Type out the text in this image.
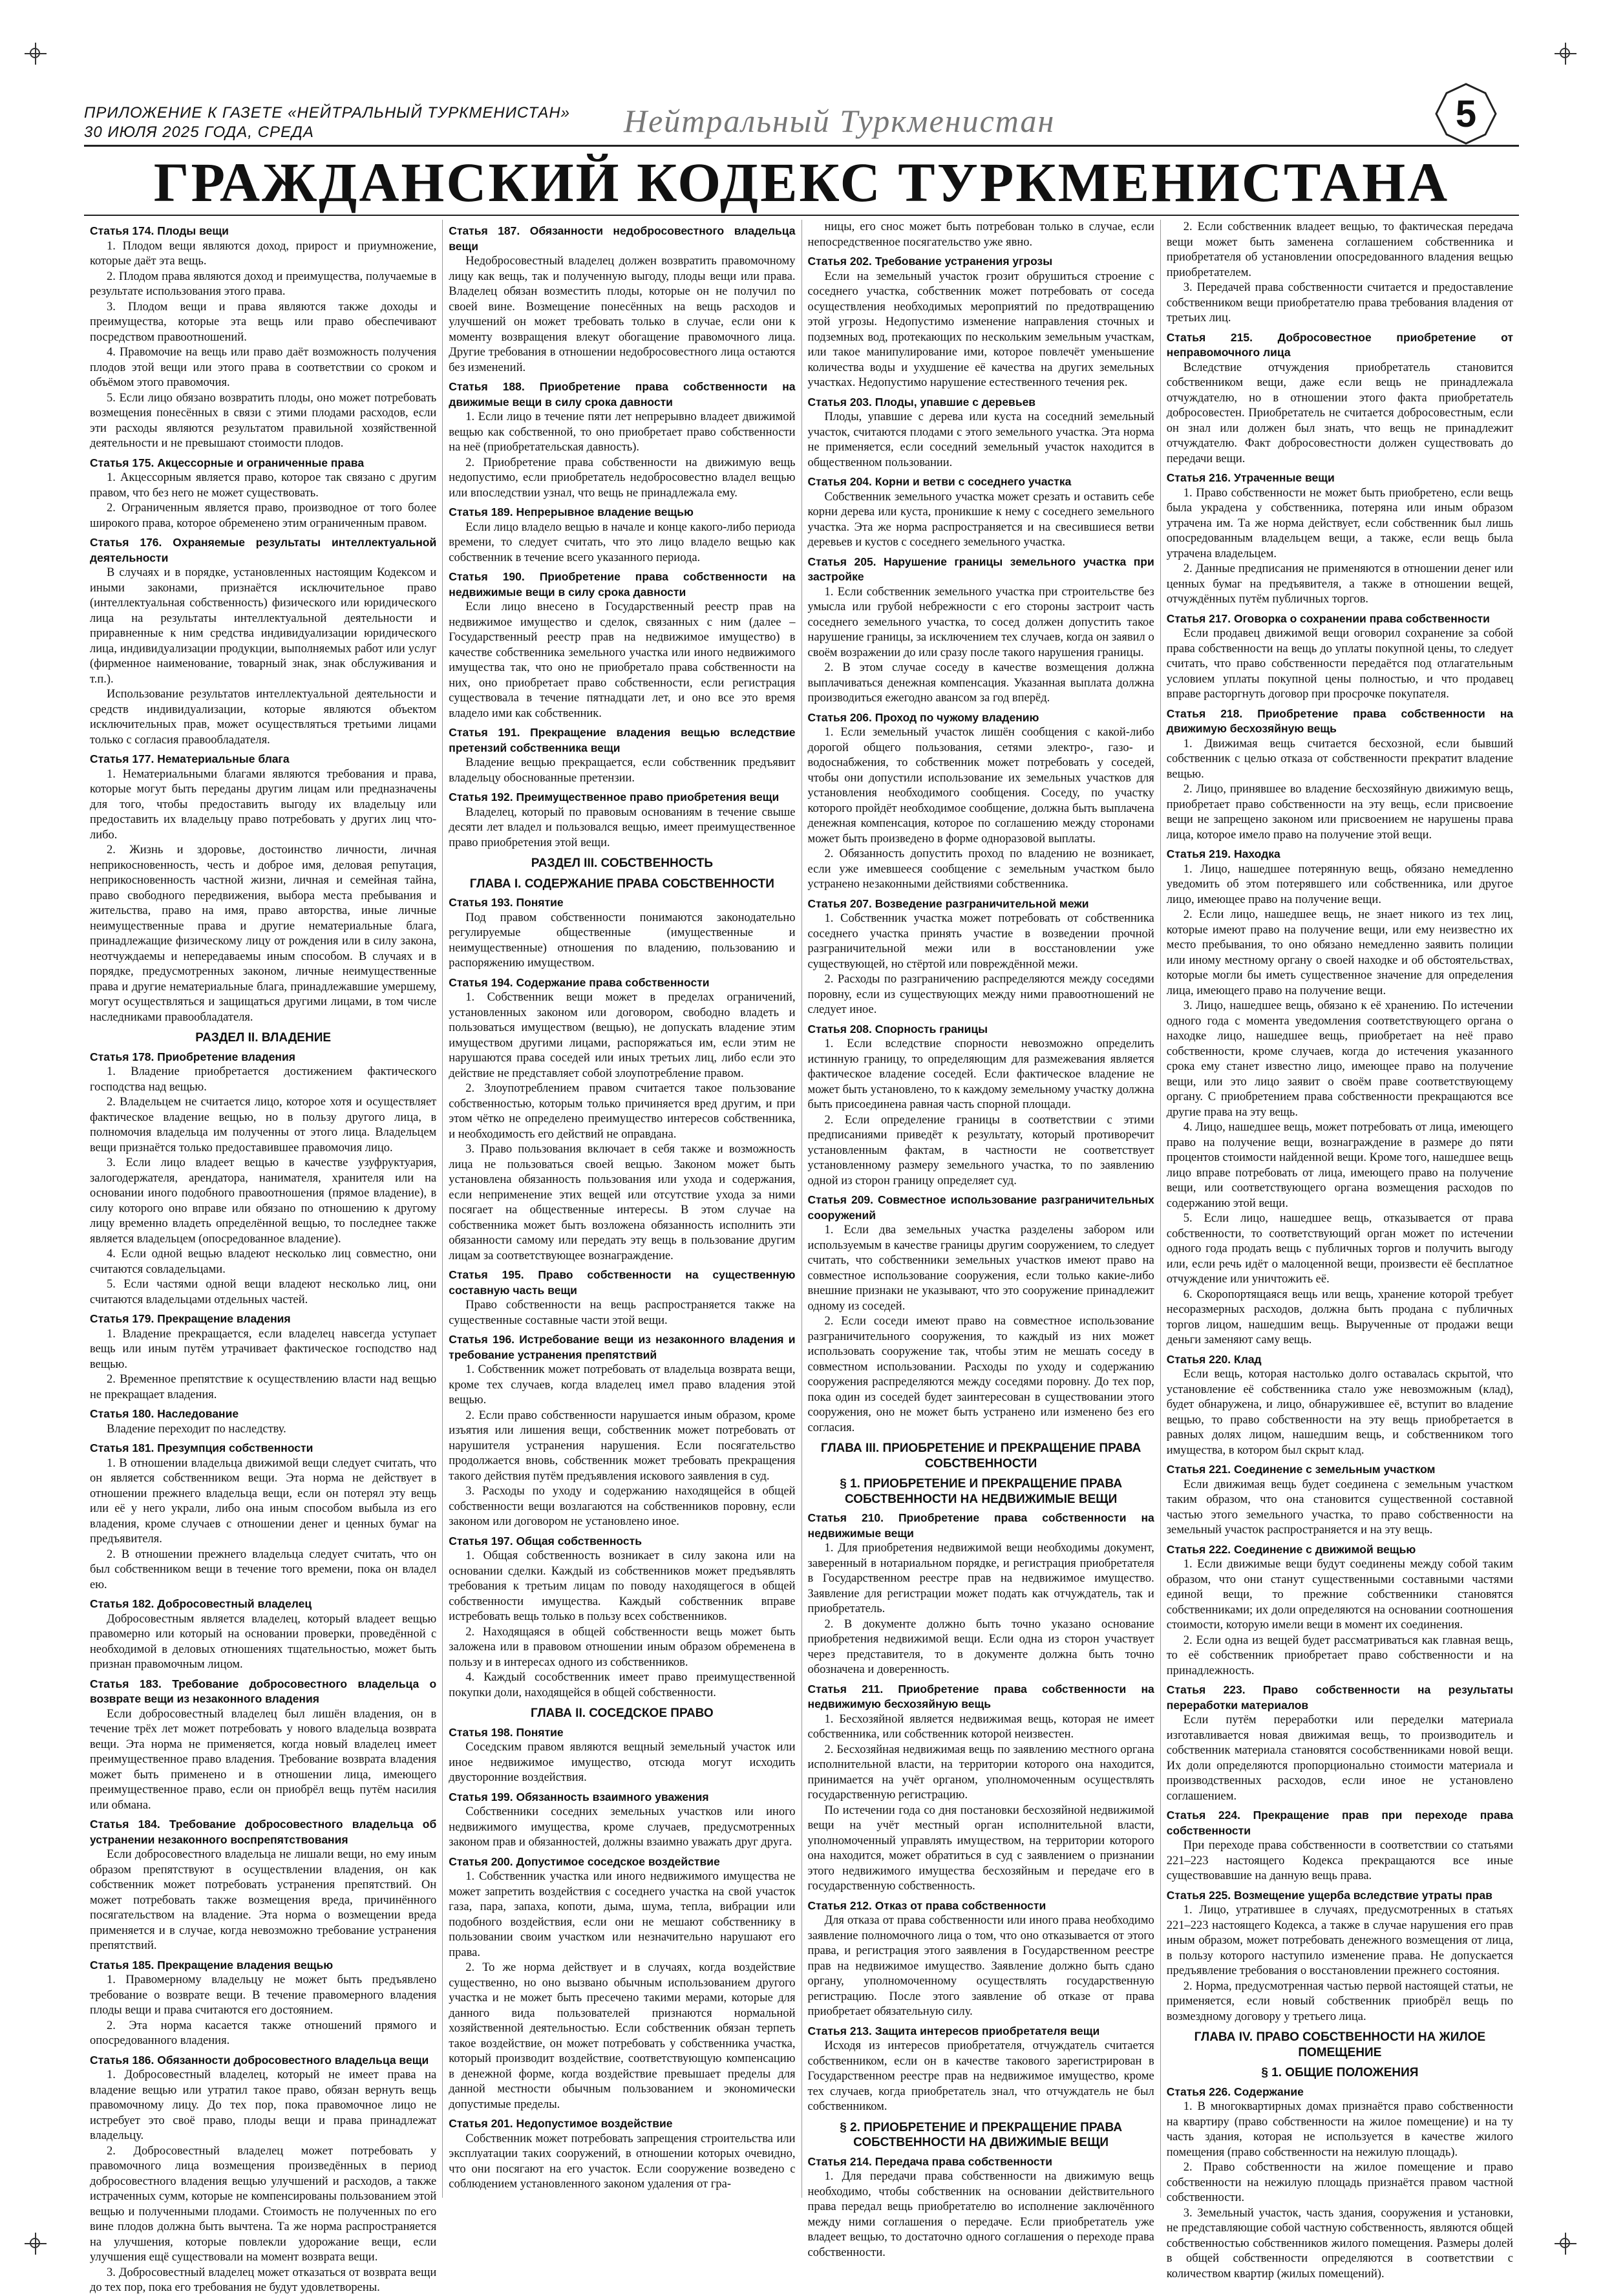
ПРИЛОЖЕНИЕ К ГАЗЕТЕ «НЕЙТРАЛЬНЫЙ ТУРКМЕНИСТАН»
30 ИЮЛЯ 2025 ГОДА, СРЕДА	Нейтральный Туркменистан	5
ГРАЖДАНСКИЙ КОДЕКС ТУРКМЕНИСТАНА

Статья 174. Плоды вещи

1. Плодом вещи являются доход, прирост и приумножение, которые даёт эта вещь.

2. Плодом права являются доход и преимущества, получаемые в результате использования этого права.

3. Плодом вещи и права являются также доходы и преимущества, которые эта вещь или право обеспечивают посредством правоотношений.

4. Правомочие на вещь или право даёт возможность получения плодов этой вещи или этого права в соответствии со сроком и объёмом этого правомочия.

5. Если лицо обязано возвратить плоды, оно может потребовать возмещения понесённых в связи с этими плодами расходов, если эти расходы являются результатом правильной хозяйственной деятельности и не превышают стоимости плодов.

Статья 175. Акцессорные и ограниченные права

1. Акцессорным является право, которое так связано с другим правом, что без него не может существовать.

2. Ограниченным является право, производное от того более широкого права, которое обременено этим ограниченным правом.

Статья 176. Охраняемые результаты интеллектуальной деятельности

В случаях и в порядке, установленных настоящим Кодексом и иными законами, признаётся исключительное право (интеллектуальная собственность) физического или юридического лица на результаты интеллектуальной деятельности и приравненные к ним средства индивидуализации юридического лица, индивидуализации продукции, выполняемых работ или услуг (фирменное наименование, товарный знак, знак обслуживания и т.п.).

Использование результатов интеллектуальной деятельности и средств индивидуализации, которые являются объектом исключительных прав, может осуществляться третьими лицами только с согласия правообладателя.

Статья 177. Нематериальные блага

1. Нематериальными благами являются требования и права, которые могут быть переданы другим лицам или предназначены для того, чтобы предоставить выгоду их владельцу или предоставить их владельцу право потребовать у других лиц что-либо.

2. Жизнь и здоровье, достоинство личности, личная неприкосновенность, честь и доброе имя, деловая репутация, неприкосновенность частной жизни, личная и семейная тайна, право свободного передвижения, выбора места пребывания и жительства, право на имя, право авторства, иные личные неимущественные права и другие нематериальные блага, принадлежащие физическому лицу от рождения или в силу закона, неотчуждаемы и непередаваемы иным способом. В случаях и в порядке, предусмотренных законом, личные неимущественные права и другие нематериальные блага, принадлежавшие умершему, могут осуществляться и защищаться другими лицами, в том числе наследниками правообладателя.

РАЗДЕЛ II. ВЛАДЕНИЕ

Статья 178. Приобретение владения

1. Владение приобретается достижением фактического господства над вещью.

2. Владельцем не считается лицо, которое хотя и осуществляет фактическое владение вещью, но в пользу другого лица, в полномочия владельца им полученны от этого лица. Владельцем вещи признаётся только предоставившее правомочия лицо.

3. Если лицо владеет вещью в качестве узуфруктуария, залогодержателя, арендатора, нанимателя, хранителя или на основании иного подобного правоотношения (прямое владение), в силу которого оно вправе или обязано по отношению к другому лицу временно владеть определённой вещью, то последнее также является владельцем (опосредованное владение).

4. Если одной вещью владеют несколько лиц совместно, они считаются совладельцами.

5. Если частями одной вещи владеют несколько лиц, они считаются владельцами отдельных частей.

Статья 179. Прекращение владения

1. Владение прекращается, если владелец навсегда уступает вещь или иным путём утрачивает фактическое господство над вещью.

2. Временное препятствие к осуществлению власти над вещью не прекращает владения.

Статья 180. Наследование

Владение переходит по наследству.

Статья 181. Презумпция собственности

1. В отношении владельца движимой вещи следует считать, что он является собственником вещи. Эта норма не действует в отношении прежнего владельца вещи, если он потерял эту вещь или её у него украли, либо она иным способом выбыла из его владения, кроме случаев с отношении денег и ценных бумаг на предъявителя.

2. В отношении прежнего владельца следует считать, что он был собственником вещи в течение того времени, пока он владел ею.

Статья 182. Добросовестный владелец

Добросовестным является владелец, который владеет вещью правомерно или который на основании проверки, проведённой с необходимой в деловых отношениях тщательностью, может быть признан правомочным лицом.

Статья 183. Требование добросовестного владельца о возврате вещи из незаконного владения

Если добросовестный владелец был лишён владения, он в течение трёх лет может потребовать у нового владельца возврата вещи. Эта норма не применяется, когда новый владелец имеет преимущественное право владения. Требование возврата владения может быть применено и в отношении лица, имеющего преимущественное право, если он приобрёл вещь путём насилия или обмана.

Статья 184. Требование добросовестного владельца об устранении незаконного воспрепятствования

Если добросовестного владельца не лишали вещи, но ему иным образом препятствуют в осуществлении владения, он как собственник может потребовать устранения препятствий. Он может потребовать также возмещения вреда, причинённого посягательством на владение. Эта норма о возмещении вреда применяется и в случае, когда невозможно требование устранения препятствий.

Статья 185. Прекращение владения вещью

1. Правомерному владельцу не может быть предъявлено требование о возврате вещи. В течение правомерного владения плоды вещи и права считаются его достоянием.

2. Эта норма касается также отношений прямого и опосредованного владения.

Статья 186. Обязанности добросовестного владельца вещи

1. Добросовестный владелец, который не имеет права на владение вещью или утратил такое право, обязан вернуть вещь правомочному лицу. До тех пор, пока правомочное лицо не истребует это своё право, плоды вещи и права принадлежат владельцу.

2. Добросовестный владелец может потребовать у правомочного лица возмещения произведённых в период добросовестного владения вещью улучшений и расходов, а также истраченных сумм, которые не компенсированы пользованием этой вещью и полученными плодами. Стоимость не полученных по его вине плодов должна быть вычтена. Та же норма распространяется на улучшения, которые повлекли удорожание вещи, если улучшения ещё существовали на момент возврата вещи.

3. Добросовестный владелец может отказаться от возврата вещи до тех пор, пока его требования не будут удовлетворены.

Статья 187. Обязанности недобросовестного владельца вещи

Недобросовестный владелец должен возвратить правомочному лицу как вещь, так и полученную выгоду, плоды вещи или права. Владелец обязан возместить плоды, которые он не получил по своей вине. Возмещение понесённых на вещь расходов и улучшений он может требовать только в случае, если они к моменту возвращения влекут обогащение правомочного лица. Другие требования в отношении недобросовестного лица остаются без изменений.

Статья 188. Приобретение права собственности на движимые вещи в силу срока давности

1. Если лицо в течение пяти лет непрерывно владеет движимой вещью как собственной, то оно приобретает право собственности на неё (приобретательская давность).

2. Приобретение права собственности на движимую вещь недопустимо, если приобретатель недобросовестно владел вещью или впоследствии узнал, что вещь не принадлежала ему.

Статья 189. Непрерывное владение вещью

Если лицо владело вещью в начале и конце какого-либо периода времени, то следует считать, что это лицо владело вещью как собственник в течение всего указанного периода.

Статья 190. Приобретение права собственности на недвижимые вещи в силу срока давности

Если лицо внесено в Государственный реестр прав на недвижимое имущество и сделок, связанных с ним (далее – Государственный реестр прав на недвижимое имущество) в качестве собственника земельного участка или иного недвижимого имущества так, что оно не приобретало права собственности на них, оно приобретает право собственности, если регистрация существовала в течение пятнадцати лет, и оно все это время владело ими как собственник.

Статья 191. Прекращение владения вещью вследствие претензий собственника вещи

Владение вещью прекращается, если собственник предъявит владельцу обоснованные претензии.

Статья 192. Преимущественное право приобретения вещи

Владелец, который по правовым основаниям в течение свыше десяти лет владел и пользовался вещью, имеет преимущественное право приобретения этой вещи.

РАЗДЕЛ III. СОБСТВЕННОСТЬ

ГЛАВА I. СОДЕРЖАНИЕ ПРАВА СОБСТВЕННОСТИ

Статья 193. Понятие

Под правом собственности понимаются законодательно регулируемые общественные (имущественные и неимущественные) отношения по владению, пользованию и распоряжению имуществом.

Статья 194. Содержание права собственности

1. Собственник вещи может в пределах ограничений, установленных законом или договором, свободно владеть и пользоваться имуществом (вещью), не допускать владение этим имуществом другими лицами, распоряжаться им, если этим не нарушаются права соседей или иных третьих лиц, либо если это действие не представляет собой злоупотребление правом.

2. Злоупотреблением правом считается такое пользование собственностью, которым только причиняется вред другим, и при этом чётко не определено преимущество интересов собственника, и необходимость его действий не оправдана.

3. Право пользования включает в себя также и возможность лица не пользоваться своей вещью. Законом может быть установлена обязанность пользования или ухода и содержания, если неприменение этих вещей или отсутствие ухода за ними посягает на общественные интересы. В этом случае на собственника может быть возложена обязанность исполнить эти обязанности самому или передать эту вещь в пользование другим лицам за соответствующее вознаграждение.

Статья 195. Право собственности на существенную составную часть вещи

Право собственности на вещь распространяется также на существенные составные части этой вещи.

Статья 196. Истребование вещи из незаконного владения и требование устранения препятствий

1. Собственник может потребовать от владельца возврата вещи, кроме тех случаев, когда владелец имел право владения этой вещью.

2. Если право собственности нарушается иным образом, кроме изъятия или лишения вещи, собственник может потребовать от нарушителя устранения нарушения. Если посягательство продолжается вновь, собственник может требовать прекращения такого действия путём предъявления искового заявления в суд.

3. Расходы по уходу и содержанию находящейся в общей собственности вещи возлагаются на собственников поровну, если законом или договором не установлено иное.

Статья 197. Общая собственность

1. Общая собственность возникает в силу закона или на основании сделки. Каждый из собственников может предъявлять требования к третьим лицам по поводу находящегося в общей собственности имущества. Каждый собственник вправе истребовать вещь только в пользу всех собственников.

2. Находящаяся в общей собственности вещь может быть заложена или в правовом отношении иным образом обременена в пользу и в интересах одного из собственников.

4. Каждый сособственник имеет право преимущественной покупки доли, находящейся в общей собственности.

ГЛАВА II. СОСЕДСКОЕ ПРАВО

Статья 198. Понятие

Соседским правом являются вещный земельный участок или иное недвижимое имущество, отсюда могут исходить двусторонние воздействия.

Статья 199. Обязанность взаимного уважения

Собственники соседних земельных участков или иного недвижимого имущества, кроме случаев, предусмотренных законом прав и обязанностей, должны взаимно уважать друг друга.

Статья 200. Допустимое соседское воздействие

1. Собственник участка или иного недвижимого имущества не может запретить воздействия с соседнего участка на свой участок газа, пара, запаха, копоти, дыма, шума, тепла, вибрации или подобного воздействия, если они не мешают собственнику в пользовании своим участком или незначительно нарушают его права.

2. То же норма действует и в случаях, когда воздействие существенно, но оно вызвано обычным использованием другого участка и не может быть пресечено такими мерами, которые для данного вида пользователей признаются нормальной хозяйственной деятельностью. Если собственник обязан терпеть такое воздействие, он может потребовать у собственника участка, который производит воздействие, соответствующую компенсацию в денежной форме, когда воздействие превышает пределы для данной местности обычным пользованием и экономически допустимые пределы.

Статья 201. Недопустимое воздействие

Собственник может потребовать запрещения строительства или эксплуатации таких сооружений, в отношении которых очевидно, что они посягают на его участок. Если сооружение возведено с соблюдением установленного законом удаления от гра-

ницы, его снос может быть потребован только в случае, если непосредственное посягательство уже явно.

Статья 202. Требование устранения угрозы

Если на земельный участок грозит обрушиться строение с соседнего участка, собственник может потребовать от соседа осуществления необходимых мероприятий по предотвращению этой угрозы. Недопустимо изменение направления сточных и подземных вод, протекающих по нескольким земельным участкам, или такое манипулирование ими, которое повлечёт уменьшение количества воды и ухудшение её качества на других земельных участках. Недопустимо нарушение естественного течения рек.

Статья 203. Плоды, упавшие с деревьев

Плоды, упавшие с дерева или куста на соседний земельный участок, считаются плодами с этого земельного участка. Эта норма не применяется, если соседний земельный участок находится в общественном пользовании.

Статья 204. Корни и ветви с соседнего участка

Собственник земельного участка может срезать и оставить себе корни дерева или куста, проникшие к нему с соседнего земельного участка. Эта же норма распространяется и на свесившиеся ветви деревьев и кустов с соседнего земельного участка.

Статья 205. Нарушение границы земельного участка при застройке

1. Если собственник земельного участка при строительстве без умысла или грубой небрежности с его стороны застроит часть соседнего земельного участка, то сосед должен допустить такое нарушение границы, за исключением тех случаев, когда он заявил о своём возражении до или сразу после такого нарушения границы.

2. В этом случае соседу в качестве возмещения должна выплачиваться денежная компенсация. Указанная выплата должна производиться ежегодно авансом за год вперёд.

Статья 206. Проход по чужому владению

1. Если земельный участок лишён сообщения с какой-либо дорогой общего пользования, сетями электро-, газо- и водоснабжения, то собственник может потребовать у соседей, чтобы они допустили использование их земельных участков для установления необходимого сообщения. Соседу, по участку которого пройдёт необходимое сообщение, должна быть выплачена денежная компенсация, которое по соглашению между сторонами может быть произведено в форме одноразовой выплаты.

2. Обязанность допустить проход по владению не возникает, если уже имевшееся сообщение с земельным участком было устранено незаконными действиями собственника.

Статья 207. Возведение разграничительной межи

1. Собственник участка может потребовать от собственника соседнего участка принять участие в возведении прочной разграничительной межи или в восстановлении уже существующей, но стёртой или повреждённой межи.

2. Расходы по разграничению распределяются между соседями поровну, если из существующих между ними правоотношений не следует иное.

Статья 208. Спорность границы

1. Если вследствие спорности невозможно определить истинную границу, то определяющим для размежевания является фактическое владение соседей. Если фактическое владение не может быть установлено, то к каждому земельному участку должна быть присоединена равная часть спорной площади.

2. Если определение границы в соответствии с этими предписаниями приведёт к результату, который противоречит установленным фактам, в частности не соответствует установленному размеру земельного участка, то по заявлению одной из сторон границу определяет суд.

Статья 209. Совместное использование разграничительных сооружений

1. Если два земельных участка разделены забором или используемым в качестве границы другим сооружением, то следует считать, что собственники земельных участков имеют право на совместное использование сооружения, если только какие-либо внешние признаки не указывают, что это сооружение принадлежит одному из соседей.

2. Если соседи имеют право на совместное использование разграничительного сооружения, то каждый из них может использовать сооружение так, чтобы этим не мешать соседу в совместном использовании. Расходы по уходу и содержанию сооружения распределяются между соседями поровну. До тех пор, пока один из соседей будет заинтересован в существовании этого сооружения, оно не может быть устранено или изменено без его согласия.

ГЛАВА III. ПРИОБРЕТЕНИЕ И ПРЕКРАЩЕНИЕ ПРАВА СОБСТВЕННОСТИ

§ 1. ПРИОБРЕТЕНИЕ И ПРЕКРАЩЕНИЕ ПРАВА СОБСТВЕННОСТИ НА НЕДВИЖИМЫЕ ВЕЩИ

Статья 210. Приобретение права собственности на недвижимые вещи

1. Для приобретения недвижимой вещи необходимы документ, заверенный в нотариальном порядке, и регистрация приобретателя в Государственном реестре прав на недвижимое имущество. Заявление для регистрации может подать как отчуждатель, так и приобретатель.

2. В документе должно быть точно указано основание приобретения недвижимой вещи. Если одна из сторон участвует через представителя, то в документе должна быть точно обозначена и доверенность.

Статья 211. Приобретение права собственности на недвижимую бесхозяйную вещь

1. Бесхозяйной является недвижимая вещь, которая не имеет собственника, или собственник которой неизвестен.

2. Бесхозяйная недвижимая вещь по заявлению местного органа исполнительной власти, на территории которого она находится, принимается на учёт органом, уполномоченным осуществлять государственную регистрацию.

По истечении года со дня постановки бесхозяйной недвижимой вещи на учёт местный орган исполнительной власти, уполномоченный управлять имуществом, на территории которого она находится, может обратиться в суд с заявлением о признании этого недвижимого имущества бесхозяйным и передаче его в государственную собственность.

Статья 212. Отказ от права собственности

Для отказа от права собственности или иного права необходимо заявление полномочного лица о том, что оно отказывается от этого права, и регистрация этого заявления в Государственном реестре прав на недвижимое имущество. Заявление должно быть сдано органу, уполномоченному осуществлять государственную регистрацию. После этого заявление об отказе от права приобретает обязательную силу.

Статья 213. Защита интересов приобретателя вещи

Исходя из интересов приобретателя, отчуждатель считается собственником, если он в качестве такового зарегистрирован в Государственном реестре прав на недвижимое имущество, кроме тех случаев, когда приобретатель знал, что отчуждатель не был собственником.

§ 2. ПРИОБРЕТЕНИЕ И ПРЕКРАЩЕНИЕ ПРАВА СОБСТВЕННОСТИ НА ДВИЖИМЫЕ ВЕЩИ

Статья 214. Передача права собственности

1. Для передачи права собственности на движимую вещь необходимо, чтобы собственник на основании действительного права передал вещь приобретателю во исполнение заключённого между ними соглашения о передаче. Если приобретатель уже владеет вещью, то достаточно одного соглашения о переходе права собственности.

2. Если собственник владеет вещью, то фактическая передача вещи может быть заменена соглашением собственника и приобретателя об установлении опосредованного владения вещью приобретателем.

3. Передачей права собственности считается и предоставление собственником вещи приобретателю права требования владения от третьих лиц.

Статья 215. Добросовестное приобретение от неправомочного лица

Вследствие отчуждения приобретатель становится собственником вещи, даже если вещь не принадлежала отчуждателю, но в отношении этого факта приобретатель добросовестен. Приобретатель не считается добросовестным, если он знал или должен был знать, что вещь не принадлежит отчуждателю. Факт добросовестности должен существовать до передачи вещи.

Статья 216. Утраченные вещи

1. Право собственности не может быть приобретено, если вещь была украдена у собственника, потеряна или иным образом утрачена им. Та же норма действует, если собственник был лишь опосредованным владельцем вещи, а также, если вещь была утрачена владельцем.

2. Данные предписания не применяются в отношении денег или ценных бумаг на предъявителя, а также в отношении вещей, отчуждённых путём публичных торгов.

Статья 217. Оговорка о сохранении права собственности

Если продавец движимой вещи оговорил сохранение за собой права собственности на вещь до уплаты покупной цены, то следует считать, что право собственности передаётся под отлагательным условием уплаты покупной цены полностью, и что продавец вправе расторгнуть договор при просрочке покупателя.

Статья 218. Приобретение права собственности на движимую бесхозяйную вещь

1. Движимая вещь считается бесхозной, если бывший собственник с целью отказа от собственности прекратит владение вещью.

2. Лицо, принявшее во владение бесхозяйную движимую вещь, приобретает право собственности на эту вещь, если присвоение вещи не запрещено законом или присвоением не нарушены права лица, которое имело право на получение этой вещи.

Статья 219. Находка

1. Лицо, нашедшее потерянную вещь, обязано немедленно уведомить об этом потерявшего или собственника, или другое лицо, имеющее право на получение вещи.

2. Если лицо, нашедшее вещь, не знает никого из тех лиц, которые имеют право на получение вещи, или ему неизвестно их место пребывания, то оно обязано немедленно заявить полиции или иному местному органу о своей находке и об обстоятельствах, которые могли бы иметь существенное значение для определения лица, имеющего право на получение вещи.

3. Лицо, нашедшее вещь, обязано к её хранению. По истечении одного года с момента уведомления соответствующего органа о находке лицо, нашедшее вещь, приобретает на неё право собственности, кроме случаев, когда до истечения указанного срока ему станет известно лицо, имеющее право на получение вещи, или это лицо заявит о своём праве соответствующему органу. С приобретением права собственности прекращаются все другие права на эту вещь.

4. Лицо, нашедшее вещь, может потребовать от лица, имеющего право на получение вещи, вознаграждение в размере до пяти процентов стоимости найденной вещи. Кроме того, нашедшее вещь лицо вправе потребовать от лица, имеющего право на получение вещи, или соответствующего органа возмещения расходов по содержанию этой вещи.

5. Если лицо, нашедшее вещь, отказывается от права собственности, то соответствующий орган может по истечении одного года продать вещь с публичных торгов и получить выгоду или, если речь идёт о малоценной вещи, произвести её бесплатное отчуждение или уничтожить её.

6. Скоропортящаяся вещь или вещь, хранение которой требует несоразмерных расходов, должна быть продана с публичных торгов лицом, нашедшим вещь. Вырученные от продажи вещи деньги заменяют саму вещь.

Статья 220. Клад

Если вещь, которая настолько долго оставалась скрытой, что установление её собственника стало уже невозможным (клад), будет обнаружена, и лицо, обнаружившее её, вступит во владение вещью, то право собственности на эту вещь приобретается в равных долях лицом, нашедшим вещь, и собственником того имущества, в котором был скрыт клад.

Статья 221. Соединение с земельным участком

Если движимая вещь будет соединена с земельным участком таким образом, что она становится существенной составной частью этого земельного участка, то право собственности на земельный участок распространяется и на эту вещь.

Статья 222. Соединение с движимой вещью

1. Если движимые вещи будут соединены между собой таким образом, что они станут существенными составными частями единой вещи, то прежние собственники становятся собственниками; их доли определяются на основании соотношения стоимости, которую имели вещи в момент их соединения.

2. Если одна из вещей будет рассматриваться как главная вещь, то её собственник приобретает право собственности и на принадлежность.

Статья 223. Право собственности на результаты переработки материалов

Если путём переработки или переделки материала изготавливается новая движимая вещь, то производитель и собственник материала становятся сособственниками новой вещи. Их доли определяются пропорционально стоимости материала и производственных расходов, если иное не установлено соглашением.

Статья 224. Прекращение прав при переходе права собственности

При переходе права собственности в соответствии со статьями 221–223 настоящего Кодекса прекращаются все иные существовавшие на данную вещь права.

Статья 225. Возмещение ущерба вследствие утраты прав

1. Лицо, утратившее в случаях, предусмотренных в статьях 221–223 настоящего Кодекса, а также в случае нарушения его прав иным образом, может потребовать денежного возмещения от лица, в пользу которого наступило изменение права. Не допускается предъявление требования о восстановлении прежнего состояния.

2. Норма, предусмотренная частью первой настоящей статьи, не применяется, если новый собственник приобрёл вещь по возмездному договору у третьего лица.

ГЛАВА IV. ПРАВО СОБСТВЕННОСТИ НА ЖИЛОЕ ПОМЕЩЕНИЕ

§ 1. ОБЩИЕ ПОЛОЖЕНИЯ

Статья 226. Содержание

1. В многоквартирных домах признаётся право собственности на квартиру (право собственности на жилое помещение) и на ту часть здания, которая не используется в качестве жилого помещения (право собственности на нежилую площадь).

2. Право собственности на жилое помещение и право собственности на нежилую площадь признаётся правом частной собственности.

3. Земельный участок, часть здания, сооружения и установки, не представляющие собой частную собственность, являются общей собственностью собственников жилого помещения. Размеры долей в общей собственности определяются в соответствии с количеством квартир (жилых помещений).
